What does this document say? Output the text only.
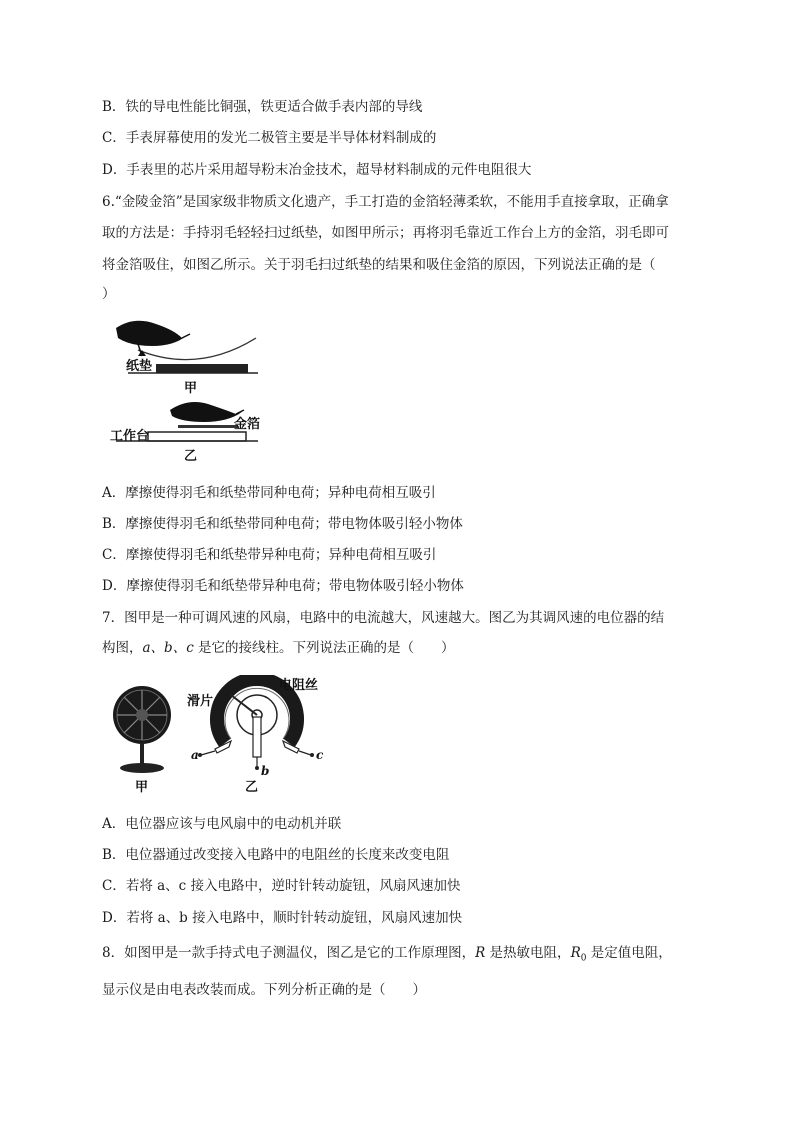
B．铁的导电性能比铜强，铁更适合做手表内部的导线
C．手表屏幕使用的发光二极管主要是半导体材料制成的
D．手表里的芯片采用超导粉末冶金技术，超导材料制成的元件电阻很大
6.“金陵金箔”是国家级非物质文化遗产，手工打造的金箔轻薄柔软，不能用手直接拿取，正确拿
取的方法是：手持羽毛轻轻扫过纸垫，如图甲所示；再将羽毛靠近工作台上方的金箔，羽毛即可
将金箔吸住，如图乙所示。关于羽毛扫过纸垫的结果和吸住金箔的原因，下列说法正确的是（
）
纸垫
甲
金箔
工作台
乙
A．摩擦使得羽毛和纸垫带同种电荷；异种电荷相互吸引
B．摩擦使得羽毛和纸垫带同种电荷；带电物体吸引轻小物体
C．摩擦使得羽毛和纸垫带异种电荷；异种电荷相互吸引
D．摩擦使得羽毛和纸垫带异种电荷；带电物体吸引轻小物体
7．图甲是一种可调风速的风扇，电路中的电流越大，风速越大。图乙为其调风速的电位器的结
构图，a、b、c 是它的接线柱。下列说法正确的是（　　）
甲
滑片
电阻丝
a
b
c
乙
A．电位器应该与电风扇中的电动机并联
B．电位器通过改变接入电路中的电阻丝的长度来改变电阻
C．若将 a、c 接入电路中，逆时针转动旋钮，风扇风速加快
D．若将 a、b 接入电路中，顺时针转动旋钮，风扇风速加快
8．如图甲是一款手持式电子测温仪，图乙是它的工作原理图，R 是热敏电阻，$R_0$ 是定值电阻，
显示仪是由电表改装而成。下列分析正确的是（　　）
